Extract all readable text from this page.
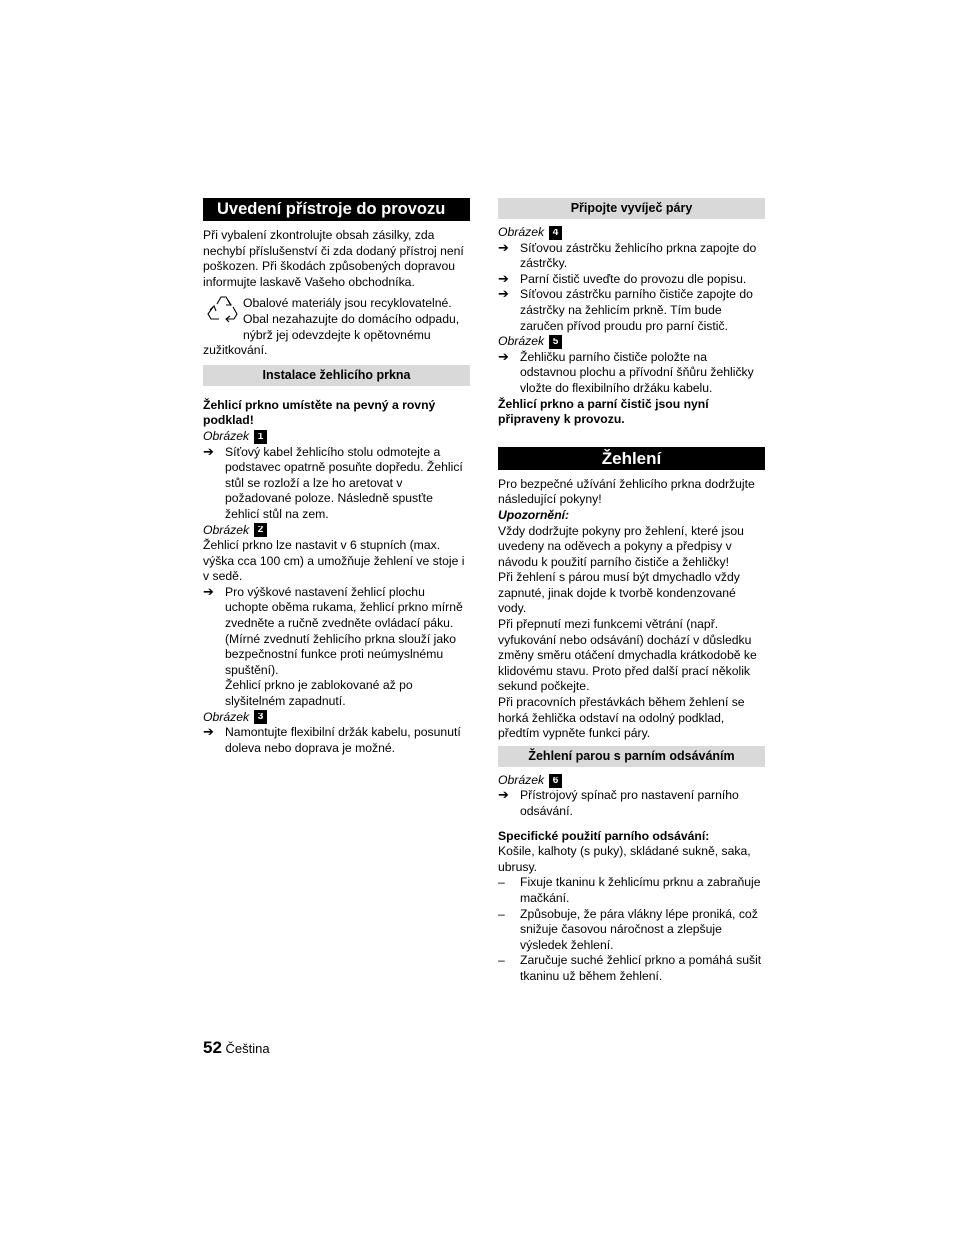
Uvedení přístroje do provozu

Při vybalení zkontrolujte obsah zásilky, zda nechybí příslušenství či zda dodaný přístroj není poškozen. Při škodách způsobených dopravou informujte laskavě Vašeho obchodníka.

Obalové materiály jsou recyklovatelné. Obal nezahazujte do domácího odpadu, nýbrž jej odevzdejte k opětovnému

zužitkování.

Instalace žehlicího prkna

Žehlicí prkno umístěte na pevný a rovný podklad!

Obrázek 1
➔ Síťový kabel žehlicího stolu odmotejte a podstavec opatrně posuňte dopředu. Žehlicí stůl se rozloží a lze ho aretovat v požadované poloze. Následně spusťte žehlicí stůl na zem.
Obrázek 2

Žehlicí prkno lze nastavit v 6 stupních (max. výška cca 100 cm) a umožňuje žehlení ve stoje i v sedě.

➔ Pro výškové nastavení žehlicí plochu uchopte oběma rukama, žehlicí prkno mírně zvedněte a ručně zvedněte ovládací páku. (Mírné zvednutí žehlicího prkna slouží jako bezpečnostní funkce proti neúmyslnému spuštění).

Žehlicí prkno je zablokované až po slyšitelném zapadnutí.

Obrázek 3
➔ Namontujte flexibilní držák kabelu, posunutí doleva nebo doprava je možné.
Připojte vyvíječ páry
Obrázek 4
➔ Síťovou zástrčku žehlicího prkna zapojte do zástrčky.
➔ Parní čistič uveďte do provozu dle popisu.
➔ Síťovou zástrčku parního čističe zapojte do zástrčky na žehlicím prkně. Tím bude zaručen přívod proudu pro parní čistič.
Obrázek 5
➔ Žehličku parního čističe položte na odstavnou plochu a přívodní šňůru žehličky vložte do flexibilního držáku kabelu.

Žehlicí prkno a parní čistič jsou nyní připraveny k provozu.

Žehlení

Pro bezpečné užívání žehlicího prkna dodržujte následující pokyny!

Upozornění:

Vždy dodržujte pokyny pro žehlení, které jsou uvedeny na oděvech a pokyny a předpisy v návodu k použití parního čističe a žehličky!

Při žehlení s párou musí být dmychadlo vždy zapnuté, jinak dojde k tvorbě kondenzované vody.

Při přepnutí mezi funkcemi větrání (např. vyfukování nebo odsávání) dochází v důsledku změny směru otáčení dmychadla krátkodobě ke klidovému stavu. Proto před další prací několik sekund počkejte.

Při pracovních přestávkách během žehlení se horká žehlička odstaví na odolný podklad, předtím vypněte funkci páry.

Žehlení parou s parním odsáváním
Obrázek 6
➔ Přístrojový spínač pro nastavení parního odsávání.

Specifické použití parního odsávání:

Košile, kalhoty (s puky), skládané sukně, saka, ubrusy.

–	Fixuje tkaninu k žehlicímu prknu a zabraňuje mačkání.
–	Způsobuje, že pára vlákny lépe proniká, což snižuje časovou náročnost a zlepšuje výsledek žehlení.
–	Zaručuje suché žehlicí prkno a pomáhá sušit tkaninu už během žehlení.
52 Čeština
